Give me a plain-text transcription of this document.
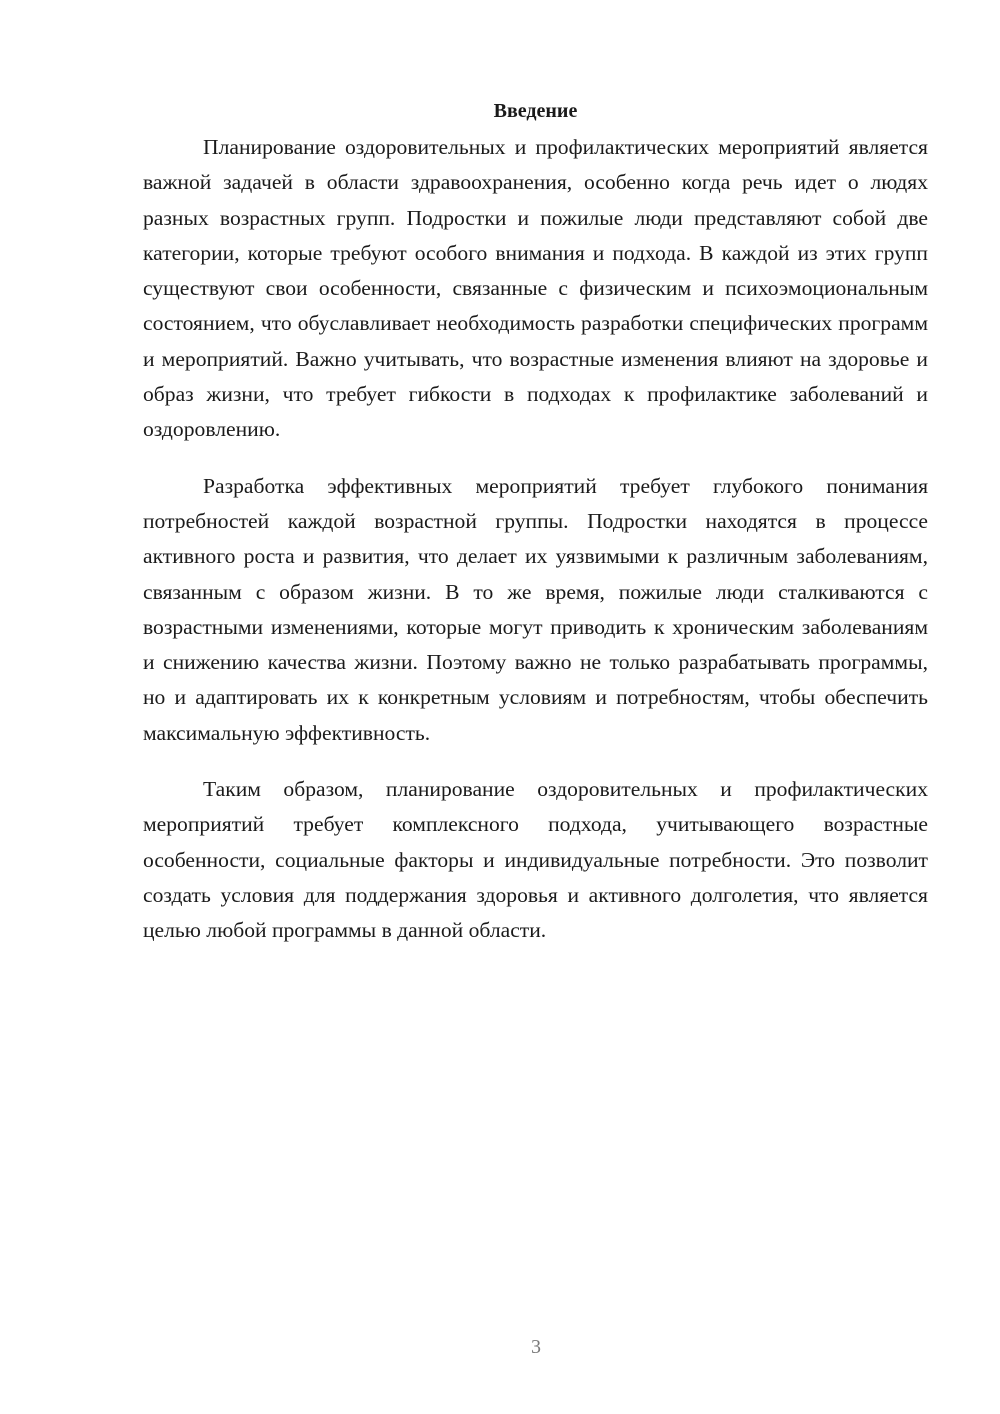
Введение

Планирование оздоровительных и профилактических мероприятий является важной задачей в области здравоохранения, особенно когда речь идет о людях разных возрастных групп. Подростки и пожилые люди представляют собой две категории, которые требуют особого внимания и подхода. В каждой из этих групп существуют свои особенности, связанные с физическим и психоэмоциональным состоянием, что обуславливает необходимость разработки специфических программ и мероприятий. Важно учитывать, что возрастные изменения влияют на здоровье и образ жизни, что требует гибкости в подходах к профилактике заболеваний и оздоровлению.

Разработка эффективных мероприятий требует глубокого понимания потребностей каждой возрастной группы. Подростки находятся в процессе активного роста и развития, что делает их уязвимыми к различным заболеваниям, связанным с образом жизни. В то же время, пожилые люди сталкиваются с возрастными изменениями, которые могут приводить к хроническим заболеваниям и снижению качества жизни. Поэтому важно не только разрабатывать программы, но и адаптировать их к конкретным условиям и потребностям, чтобы обеспечить максимальную эффективность.

Таким образом, планирование оздоровительных и профилактических мероприятий требует комплексного подхода, учитывающего возрастные особенности, социальные факторы и индивидуальные потребности. Это позволит создать условия для поддержания здоровья и активного долголетия, что является целью любой программы в данной области.

3
